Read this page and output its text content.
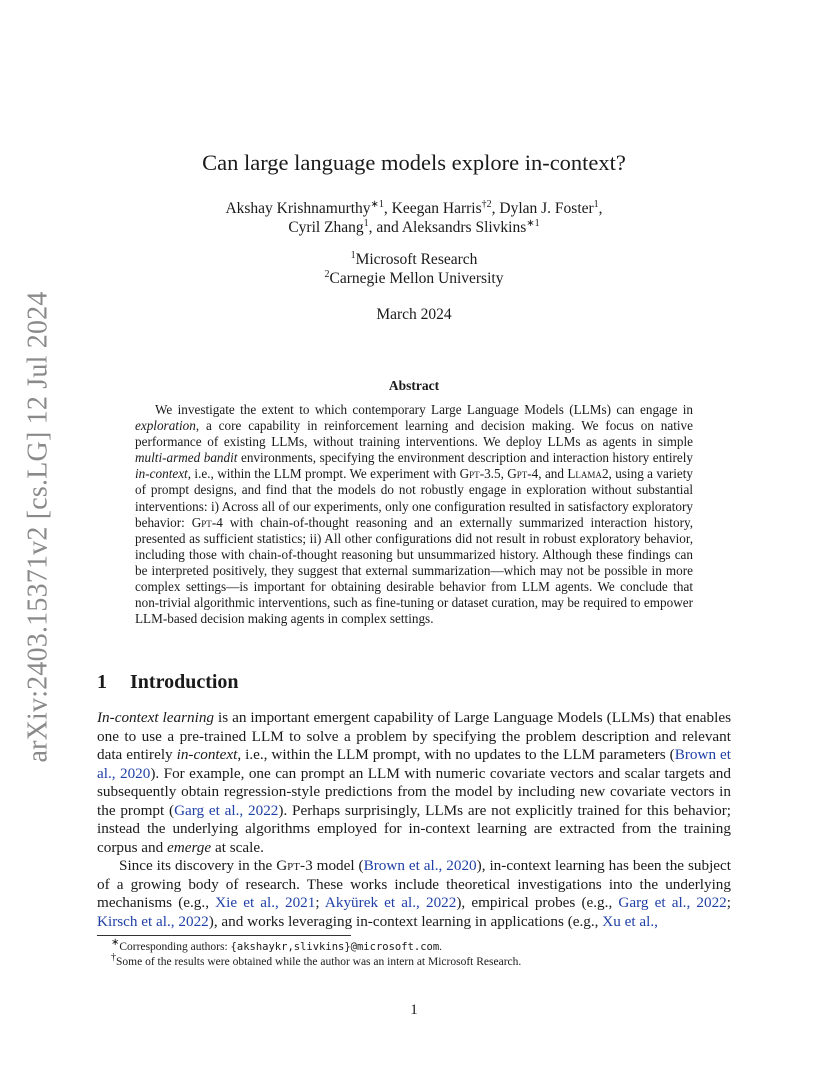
arXiv:2403.15371v2 [cs.LG] 12 Jul 2024
Can large language models explore in-context?
Akshay Krishnamurthy$^{∗1}$, Keegan Harris$^{\dagger 2}$, Dylan J. Foster$^1$,
Cyril Zhang$^1$, and Aleksandrs Slivkins$^{∗1}$
$^1$Microsoft Research
$^2$Carnegie Mellon University
March 2024
Abstract

We investigate the extent to which contemporary Large Language Models (LLMs) can engage in exploration, a core capability in reinforcement learning and decision making. We focus on native performance of existing LLMs, without training interventions. We deploy LLMs as agents in simple multi-armed bandit environments, specifying the environment description and interaction history entirely in-context, i.e., within the LLM prompt. We experiment with Gpt-3.5, Gpt-4, and Llama2, using a variety of prompt designs, and find that the models do not robustly engage in exploration without substantial interventions: i) Across all of our experiments, only one configuration resulted in satisfactory exploratory behavior: Gpt-4 with chain-of-thought reasoning and an externally summarized interaction history, presented as sufficient statistics; ii) All other configurations did not result in robust exploratory behavior, including those with chain-of-thought reasoning but unsummarized history. Although these findings can be interpreted positively, they suggest that external summarization—which may not be possible in more complex settings—is important for obtaining desirable behavior from LLM agents. We conclude that non-trivial algorithmic interventions, such as fine-tuning or dataset curation, may be required to empower LLM-based decision making agents in complex settings.

1 Introduction

In-context learning is an important emergent capability of Large Language Models (LLMs) that enables one to use a pre-trained LLM to solve a problem by specifying the problem description and relevant data entirely in-context, i.e., within the LLM prompt, with no updates to the LLM parameters (Brown et al., 2020). For example, one can prompt an LLM with numeric covariate vectors and scalar targets and subsequently obtain regression-style predictions from the model by including new covariate vectors in the prompt (Garg et al., 2022). Perhaps surprisingly, LLMs are not explicitly trained for this behavior; instead the underlying algorithms employed for in-context learning are extracted from the training corpus and emerge at scale.

Since its discovery in the Gpt-3 model (Brown et al., 2020), in-context learning has been the subject of a growing body of research. These works include theoretical investigations into the underlying mechanisms (e.g., Xie et al., 2021; Akyürek et al., 2022), empirical probes (e.g., Garg et al., 2022; Kirsch et al., 2022), and works leveraging in-context learning in applications (e.g., Xu et al.,

∗Corresponding authors: {akshaykr,slivkins}@microsoft.com.
†Some of the results were obtained while the author was an intern at Microsoft Research.
1
